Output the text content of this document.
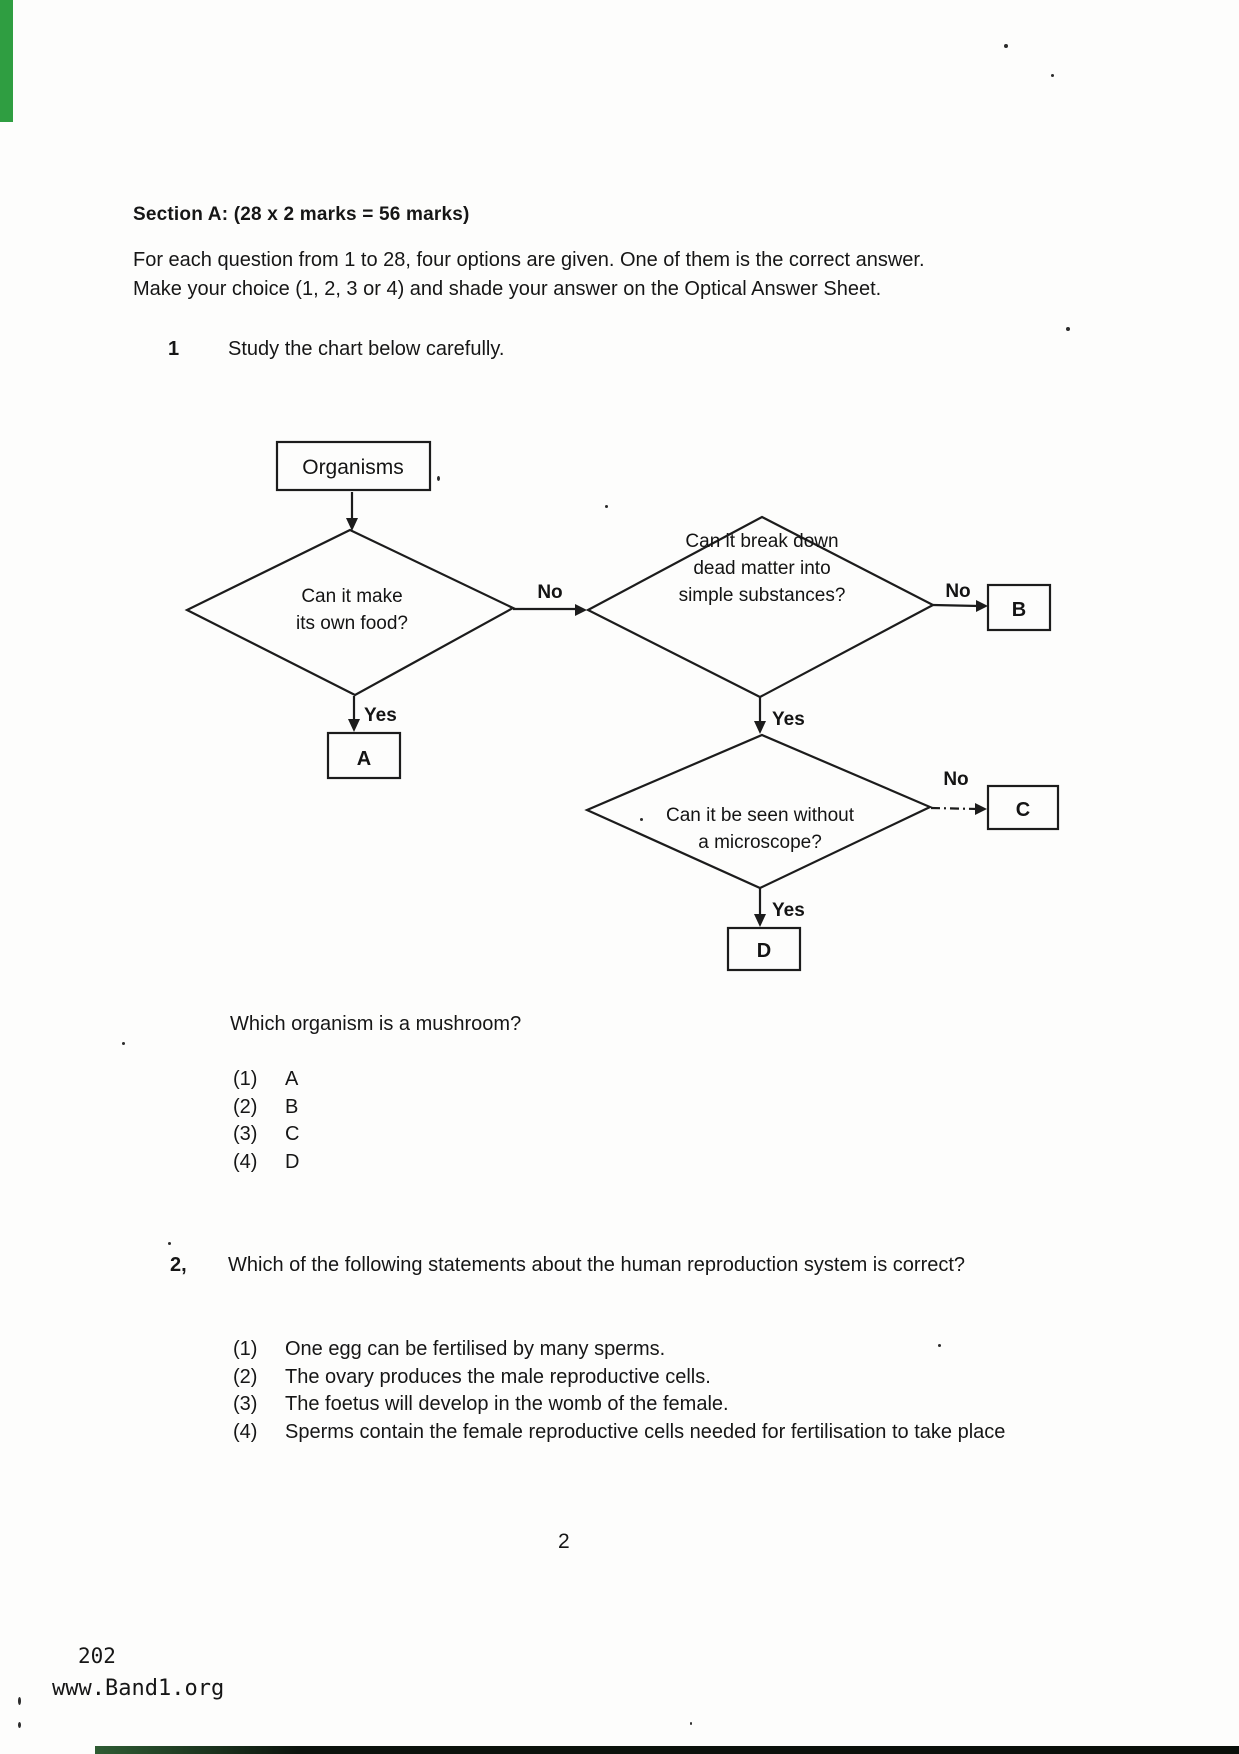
Section A: (28 x 2 marks = 56 marks)
For each question from 1 to 28, four options are given. One of them is the correct answer.
Make your choice (1, 2, 3 or 4) and shade your answer on the Optical Answer Sheet.
1 Study the chart below carefully.
Organisms
Can it make
its own food?
No
Yes
A
Can it break down
dead matter into
simple substances?	No
B
Yes
Can it be seen without
a microscope?
No
C
Yes
D
Which organism is a mushroom?
(1)	A
(2)	B
(3)	C
(4)	D
2, Which of the following statements about the human reproduction system is correct?
(1)	One egg can be fertilised by many sperms.
(2)	The ovary produces the male reproductive cells.
(3)	The foetus will develop in the womb of the female.
(4)	Sperms contain the female reproductive cells needed for fertilisation to take place
2
202
www.Band1.org
